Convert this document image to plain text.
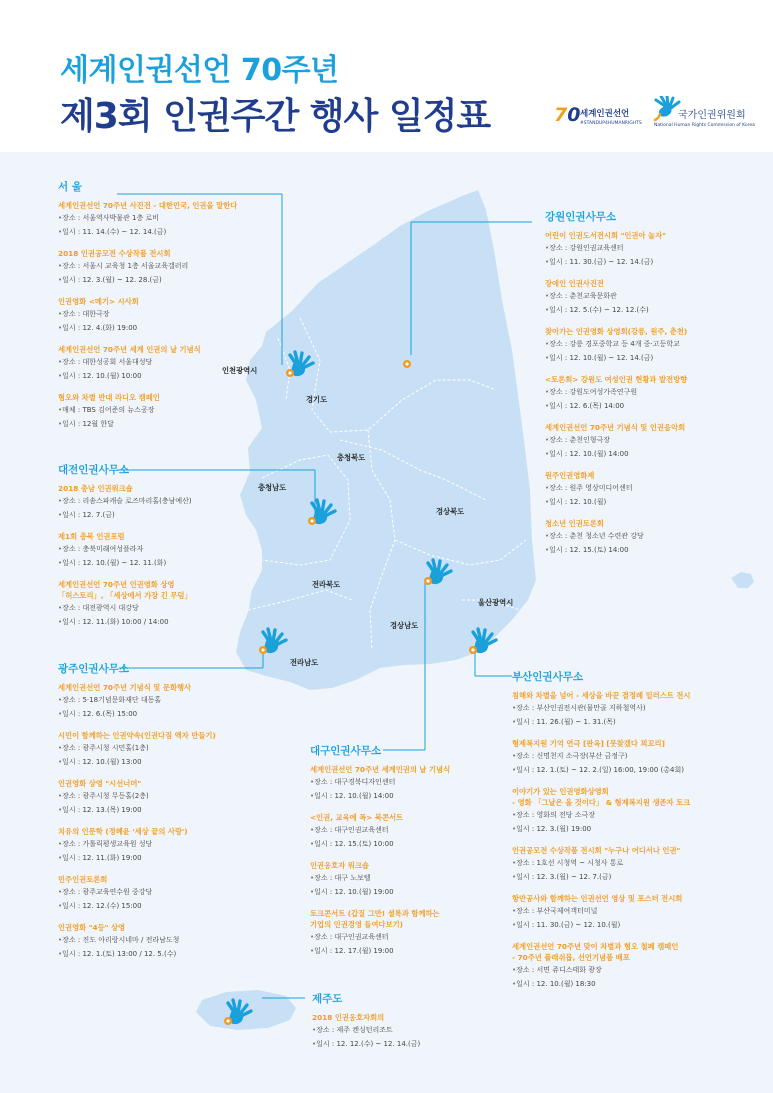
세계인권선언 70주년
제3회 인권주간 행사 일정표	70 세계인권선언
#STANDUP4HUMANRIGHTS
국가인권위원회
National Human Rights Commission of Korea
인천광역시
경기도
충청북도
충청남도
경상북도
전라북도
울산광역시
경상남도
전라남도
서 울
세계인권선언 70주년 사진전 - 대한민국, 인권을 말한다
• 장소 : 서울역사박물관 1층 로비
• 일시 : 11. 14.(수) ~ 12. 14.(금)
2018 인권공모전 수상작품 전시회
• 장소 : 서울시 교육청 1층 서울교육갤러리
• 일시 : 12. 3.(월) ~ 12. 28.(금)
인권영화 <메기> 시사회
• 장소 : 대한극장
• 일시 : 12. 4.(화) 19:00
세계인권선언 70주년 세계 인권의 날 기념식
• 장소 : 대한성공회 서울대성당
• 일시 : 12. 10.(월) 10:00
혐오와 차별 반대 라디오 캠페인
• 매체 : TBS 김어준의 뉴스공장
• 일시 : 12월 한달
대전인권사무소
2018 충남 인권워크숍
• 장소 : 리솜스파캐슬 로즈마리홀(충남예산)
• 일시 : 12. 7.(금)
제1회 충북 인권포럼
• 장소 : 충북미래여성플라자
• 일시 : 12. 10.(월) ~ 12. 11.(화)
세계인권선언 70주년 인권영화 상영
「허스토리」, 「세상에서 가장 긴 무덤」
• 장소 : 대전광역시 대강당
• 일시 : 12. 11.(화) 10:00 / 14:00
광주인권사무소
세계인권선언 70주년 기념식 및 문화행사
• 장소 : 5·18기념문화재단 대동홀
• 일시 : 12. 6.(목) 15:00
시민이 함께하는 인권약속(인권다짐 액자 만들기)
• 장소 : 광주시청 시민홀(1층)
• 일시 : 12. 10.(월) 13:00
인권영화 상영 "시선너머"
• 장소 : 광주시청 무등홀(2층)
• 일시 : 12. 13.(목) 19:00
치유의 인문학 (정혜윤 '세상 끝의 사랑')
• 장소 : 가톨릭평생교육원 성당
• 일시 : 12. 11.(화) 19:00
민주인권토론회
• 장소 : 광주교육연수원 중강당
• 일시 : 12. 12.(수) 15:00
인권영화 "4등" 상영
• 장소 : 진도 아리랑시네마 / 전라남도청
• 일시 : 12. 1.(토) 13:00 / 12. 5.(수)
대구인권사무소
세계인권선언 70주년 세계인권의 날 기념식
• 장소 : 대구경북디자인센터
• 일시 : 12. 10.(월) 14:00
<인권, 교육에 폭> 북콘서트
• 장소 : 대구인권교육센터
• 일시 : 12. 15.(토) 10:00
인권옹호자 워크숍
• 장소 : 대구 노보텔
• 일시 : 12. 10.(월) 19:00
토크콘서트 (갑질 그만! 셜록과 함께하는
기업의 인권경영 들여다보기)
• 장소 : 대구인권교육센터
• 일시 : 12. 17.(월) 19:00
강원인권사무소
어린이 인권도서전시회 "인권아 놀자"
• 장소 : 강원인권교육센터
• 일시 : 11. 30.(금) ~ 12. 14.(금)
장애인 인권사진전
• 장소 : 춘천교육문화관
• 일시 : 12. 5.(수) ~ 12. 12.(수)
찾아가는 인권영화 상영회(강릉, 원주, 춘천)
• 장소 : 강릉 경포중학교 등 4개 중·고등학교
• 일시 : 12. 10.(월) ~ 12. 14.(금)
<토론회> 강원도 여성인권 현황과 발전방향
• 장소 : 강원도여성가족연구원
• 일시 : 12. 6.(목) 14:00
세계인권선언 70주년 기념식 및 인권음악회
• 장소 : 춘천인형극장
• 일시 : 12. 10.(월) 14:00
원주인권영화제
• 장소 : 원주 영상미디어센터
• 일시 : 12. 10.(월)
청소년 인권토론회
• 장소 : 춘천 청소년 수련관 강당
• 일시 : 12. 15.(토) 14:00
부산인권사무소
침해와 차별을 넘어 - 세상을 바꾼 결정례 일러스트 전시
• 장소 : 부산인권전시관(물만골 지하철역사)
• 일시 : 11. 26.(월) ~ 1. 31.(목)
형제복지원 기억 연극 [판옥] [못찾겠다 꾀꼬리]
• 장소 : 신명천지 소극장(부산 금정구)
• 일시 : 12. 1.(토) ~ 12. 2.(일) 16:00, 19:00 (총4회)
이야기가 있는 인권영화상영회
- 영화 「그날은 올 것이다」 & 형제복지원 생존자 토크
• 장소 : 영화의 전당 소극장
• 일시 : 12. 3.(월) 19:00
인권공모전 수상작품 전시회 "누구나 어디서나 인권"
• 장소 : 1호선 시청역 ~ 시청사 통로
• 일시 : 12. 3.(월) ~ 12. 7.(금)
항만공사와 함께하는 인권선언 영상 및 포스터 전시회
• 장소 : 부산국제여객터미널
• 일시 : 11. 30.(금) ~ 12. 10.(월)
세계인권선언 70주년 맞이 차별과 혐오 철폐 캠페인
- 70주년 플래쉬몹, 선언기념품 배포
• 장소 : 서면 쥬디스태화 광장
• 일시 : 12. 10.(월) 18:30
제주도
2018 인권옹호자회의
• 장소 : 제주 켄싱턴리조트
• 일시 : 12. 12.(수) ~ 12. 14.(금)
